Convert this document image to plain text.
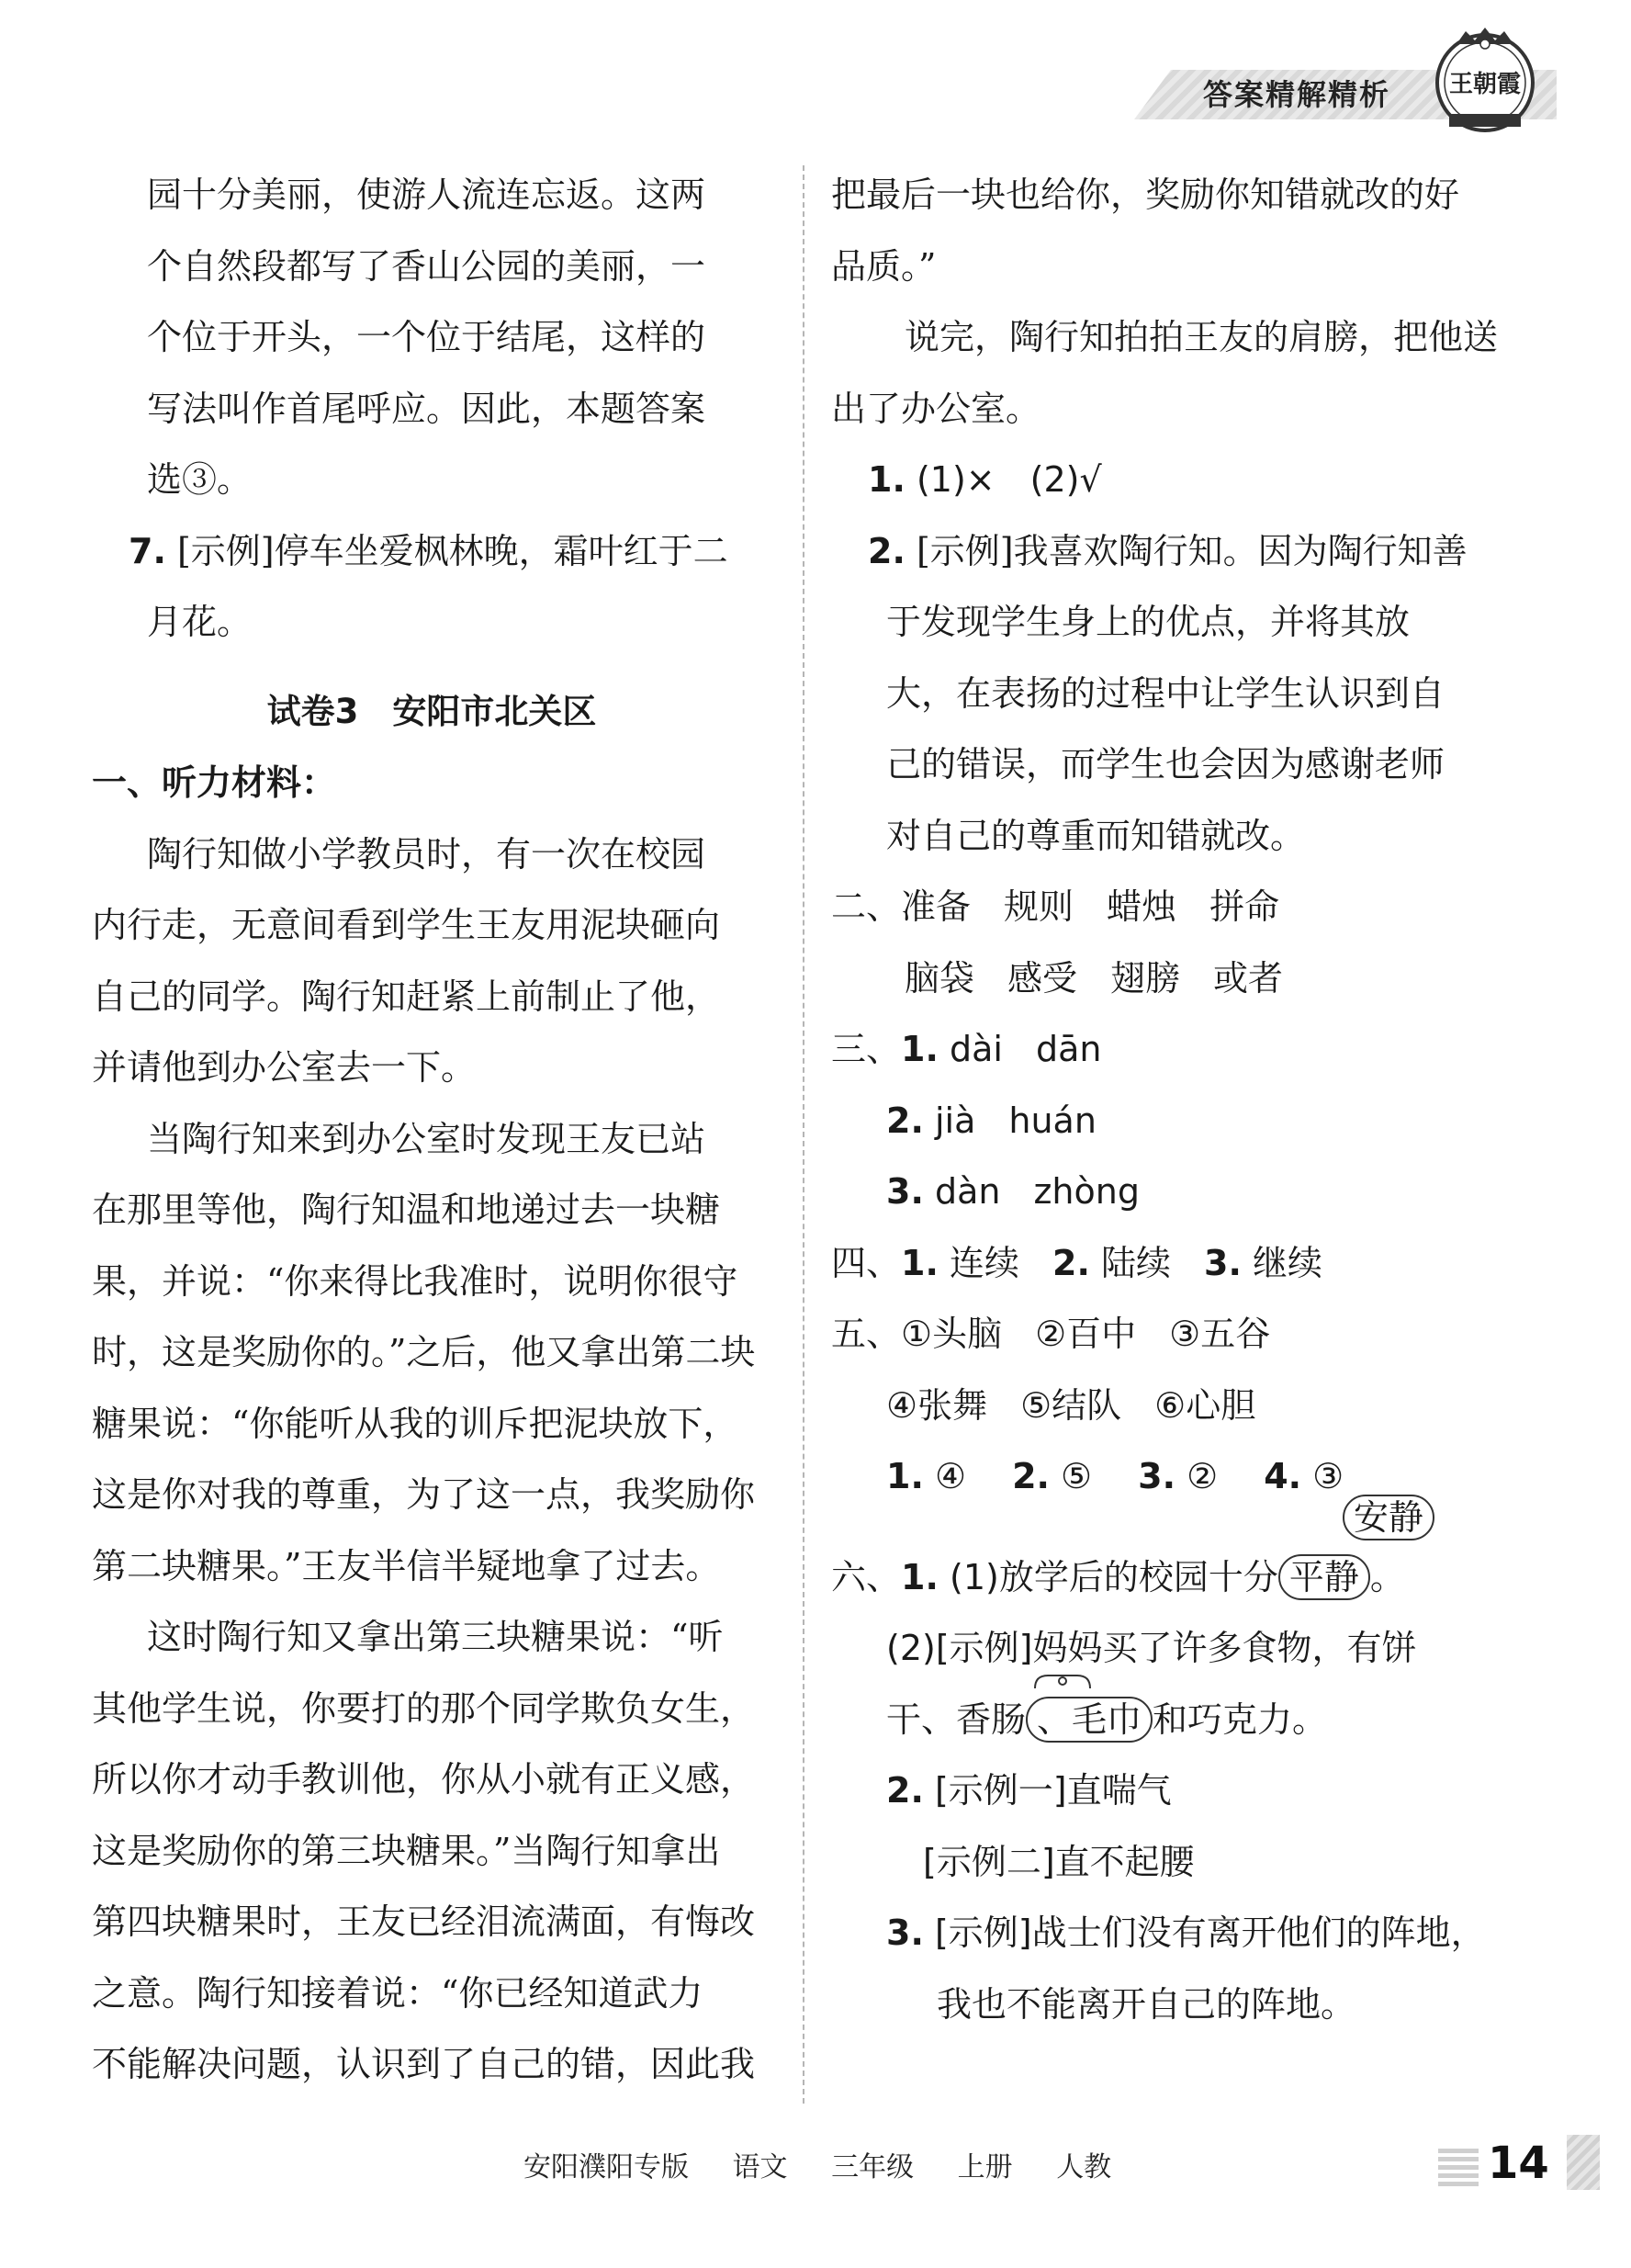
答案精解精析 王朝霞
园十分美丽，使游人流连忘返。这两
个自然段都写了香山公园的美丽，一
个位于开头，一个位于结尾，这样的
写法叫作首尾呼应。因此，本题答案
选③。
7. [示例]停车坐爱枫林晚，霜叶红于二
月花。
试卷3　安阳市北关区
一、听力材料：
陶行知做小学教员时，有一次在校园
内行走，无意间看到学生王友用泥块砸向
自己的同学。陶行知赶紧上前制止了他，
并请他到办公室去一下。
当陶行知来到办公室时发现王友已站
在那里等他，陶行知温和地递过去一块糖
果，并说：“你来得比我准时，说明你很守
时，这是奖励你的。”之后，他又拿出第二块
糖果说：“你能听从我的训斥把泥块放下，
这是你对我的尊重，为了这一点，我奖励你
第二块糖果。”王友半信半疑地拿了过去。
这时陶行知又拿出第三块糖果说：“听
其他学生说，你要打的那个同学欺负女生，
所以你才动手教训他，你从小就有正义感，
这是奖励你的第三块糖果。”当陶行知拿出
第四块糖果时，王友已经泪流满面，有悔改
之意。陶行知接着说：“你已经知道武力
不能解决问题，认识到了自己的错，因此我
把最后一块也给你，奖励你知错就改的好
品质。”
说完，陶行知拍拍王友的肩膀，把他送
出了办公室。
1. (1)×　(2)√
2. [示例]我喜欢陶行知。因为陶行知善
于发现学生身上的优点，并将其放
大，在表扬的过程中让学生认识到自
己的错误，而学生也会因为感谢老师
对自己的尊重而知错就改。
二、准备 规则 蜡烛 拼命
脑袋 感受 翅膀 或者
三、1. dài dān
2. jià huán
3. dàn zhòng
四、1. 连续 2. 陆续 3. 继续
五、①头脑 ②百中 ③五谷
④张舞 ⑤结队 ⑥心胆
1. ④ 2. ⑤ 3. ② 4. ③
六、1. (1)放学后的校园十分 平静
安静
。
(2)[示例]妈妈买了许多食物，有饼
干、香肠 、毛巾 和巧克力。
2. [示例一]直喘气
[示例二]直不起腰
3. [示例]战士们没有离开他们的阵地，
我也不能离开自己的阵地。
安阳濮阳专版 语文 三年级 上册 人教	14
